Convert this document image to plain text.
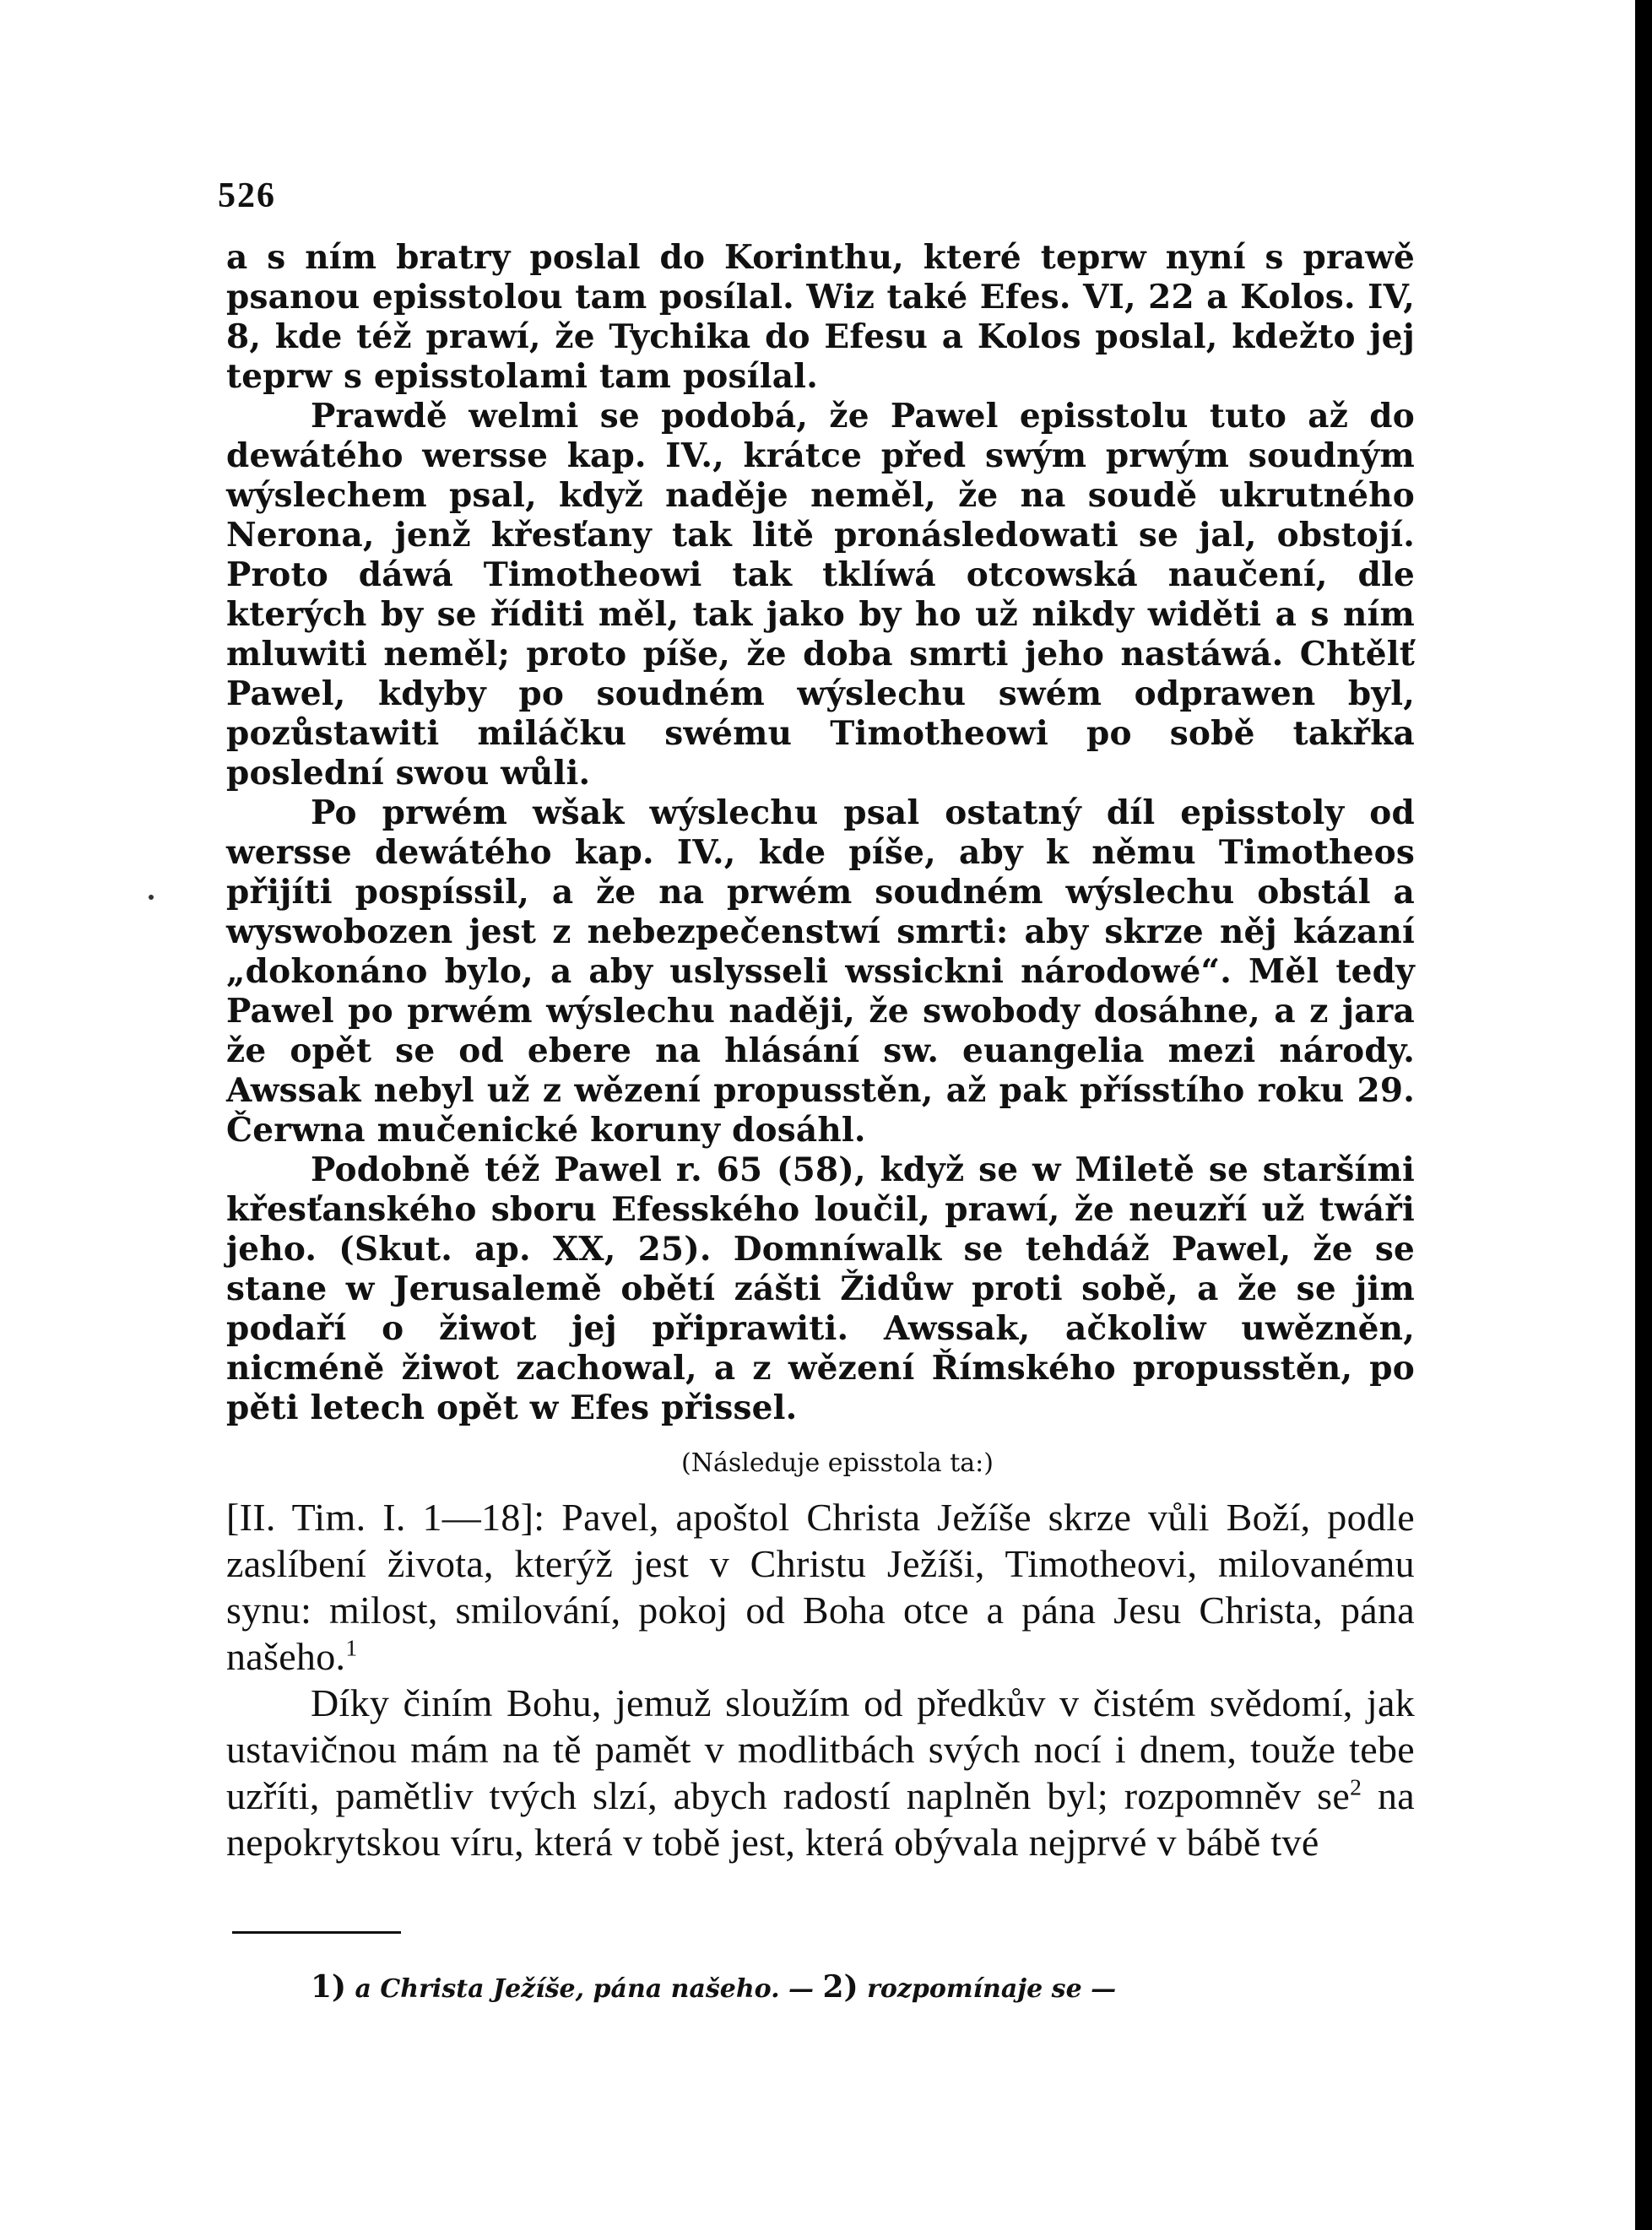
526

a s ním bratry poslal do Korinthu, které teprw nyní s prawě psanou episstolou tam posílal. Wiz také Efes. VI, 22 a Kolos. IV, 8, kde též prawí, že Tychika do Efesu a Kolos poslal, kdežto jej teprw s episstolami tam posílal.

Prawdě welmi se podobá, že Pawel episstolu tuto až do dewátého wersse kap. IV., krátce před swým prwým soudným wýslechem psal, když naděje neměl, že na soudě ukrutného Nerona, jenž křesťany tak litě pronásledowati se jal, obstojí. Proto dáwá Timotheowi tak tklíwá otcowská naučení, dle kterých by se říditi měl, tak jako by ho už nikdy widěti a s ním mluwiti neměl; proto píše, že doba smrti jeho nastáwá. Chtělť Pawel, kdyby po soudném wýslechu swém odprawen byl, pozůstawiti miláčku swému Timotheowi po sobě takřka poslední swou wůli.

Po prwém wšak wýslechu psal ostatný díl episstoly od wersse dewátého kap. IV., kde píše, aby k němu Timotheos přijíti pospíssil, a že na prwém soudném wýslechu obstál a wyswobozen jest z nebezpečenstwí smrti: aby skrze něj kázaní „dokonáno bylo, a aby uslysseli wssickni národowé“. Měl tedy Pawel po prwém wýslechu naději, že swobody dosáhne, a z jara že opět se od ebere na hlásání sw. euangelia mezi národy. Awssak nebyl už z wězení propusstěn, až pak přísstího roku 29. Čerwna mučenické koruny dosáhl.

Podobně též Pawel r. 65 (58), když se w Miletě se staršími křesťanského sboru Efesského loučil, prawí, že neuzří už twáři jeho. (Skut. ap. XX, 25). Domníwalk se tehdáž Pawel, že se stane w Jerusalemě obětí zášti Židůw proti sobě, a že se jim podaří o žiwot jej připrawiti. Awssak, ačkoliw uwězněn, nicméně žiwot zachowal, a z wězení Římského propusstěn, po pěti letech opět w Efes přissel.

(Následuje episstola ta:)

[II. Tim. I. 1—18]: Pavel, apoštol Christa Ježíše skrze vůli Boží, podle zaslíbení života, kterýž jest v Christu Ježíši, Timotheovi, milovanému synu: milost, smilování, pokoj od Boha otce a pána Jesu Christa, pána našeho.$^1$

Díky činím Bohu, jemuž sloužím od předkův v čistém svědomí, jak ustavičnou mám na tě pamět v modlitbách svých nocí i dnem, touže tebe uzříti, pamětliv tvých slzí, abych radostí naplněn byl; rozpomněv $se^2$ na nepokrytskou víru, která v tobě jest, která obývala nejprvé v bábě tvé

1) a Christa Ježíše, pána našeho. — 2) rozpomínaje se —
